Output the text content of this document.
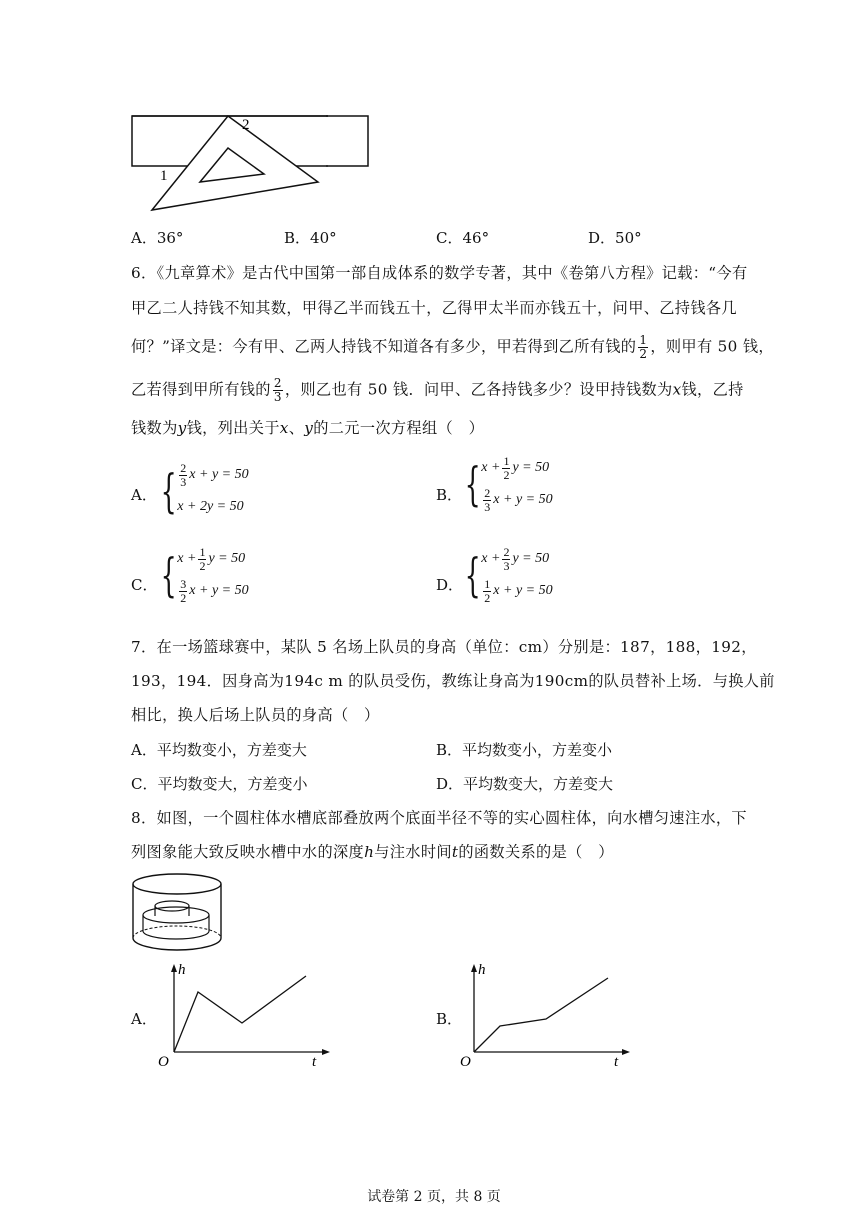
1
2
A．36°	B．40°	C．46°	D．50°
6．《九章算术》是古代中国第一部自成体系的数学专著，其中《卷第八方程》记载：“今有
甲乙二人持钱不知其数，甲得乙半而钱五十，乙得甲太半而亦钱五十，问甲、乙持钱各几
何？”译文是：今有甲、乙两人持钱不知道各有多少，甲若得到乙所有钱的 $\frac{1}{2}$ ，则甲有 50 钱，
乙若得到甲所有钱的 $\frac{2}{3}$ ，则乙也有 50 钱．问甲、乙各持钱多少？设甲持钱数为x钱，乙持
钱数为y钱，列出关于x、y的二元一次方程组（　）
A． { $\frac{2}{3}$ x + y = 50
x + 2y = 50
B． { $x + \frac{1}{2}$ y = 50
$\frac{2}{3}$ x + y = 50
C． { $x + \frac{1}{2}$ y = 50
$\frac{3}{2}$ x + y = 50	D． { $x + \frac{2}{3}$ y = 50
$\frac{1}{2}$ x + y = 50
7．在一场篮球赛中，某队 5 名场上队员的身高（单位：cm）分别是：187，188，192，
193，194．因身高为194c m 的队员受伤，教练让身高为190cm的队员替补上场．与换人前
相比，换人后场上队员的身高（　）
A．平均数变小，方差变大	B．平均数变小，方差变小
C．平均数变大，方差变小	D．平均数变大，方差变大
8．如图，一个圆柱体水槽底部叠放两个底面半径不等的实心圆柱体，向水槽匀速注水，下
列图象能大致反映水槽中水的深度h与注水时间t的函数关系的是（　）
A．
h
t
O
B．
h
t
O
试卷第 2 页，共 8 页
